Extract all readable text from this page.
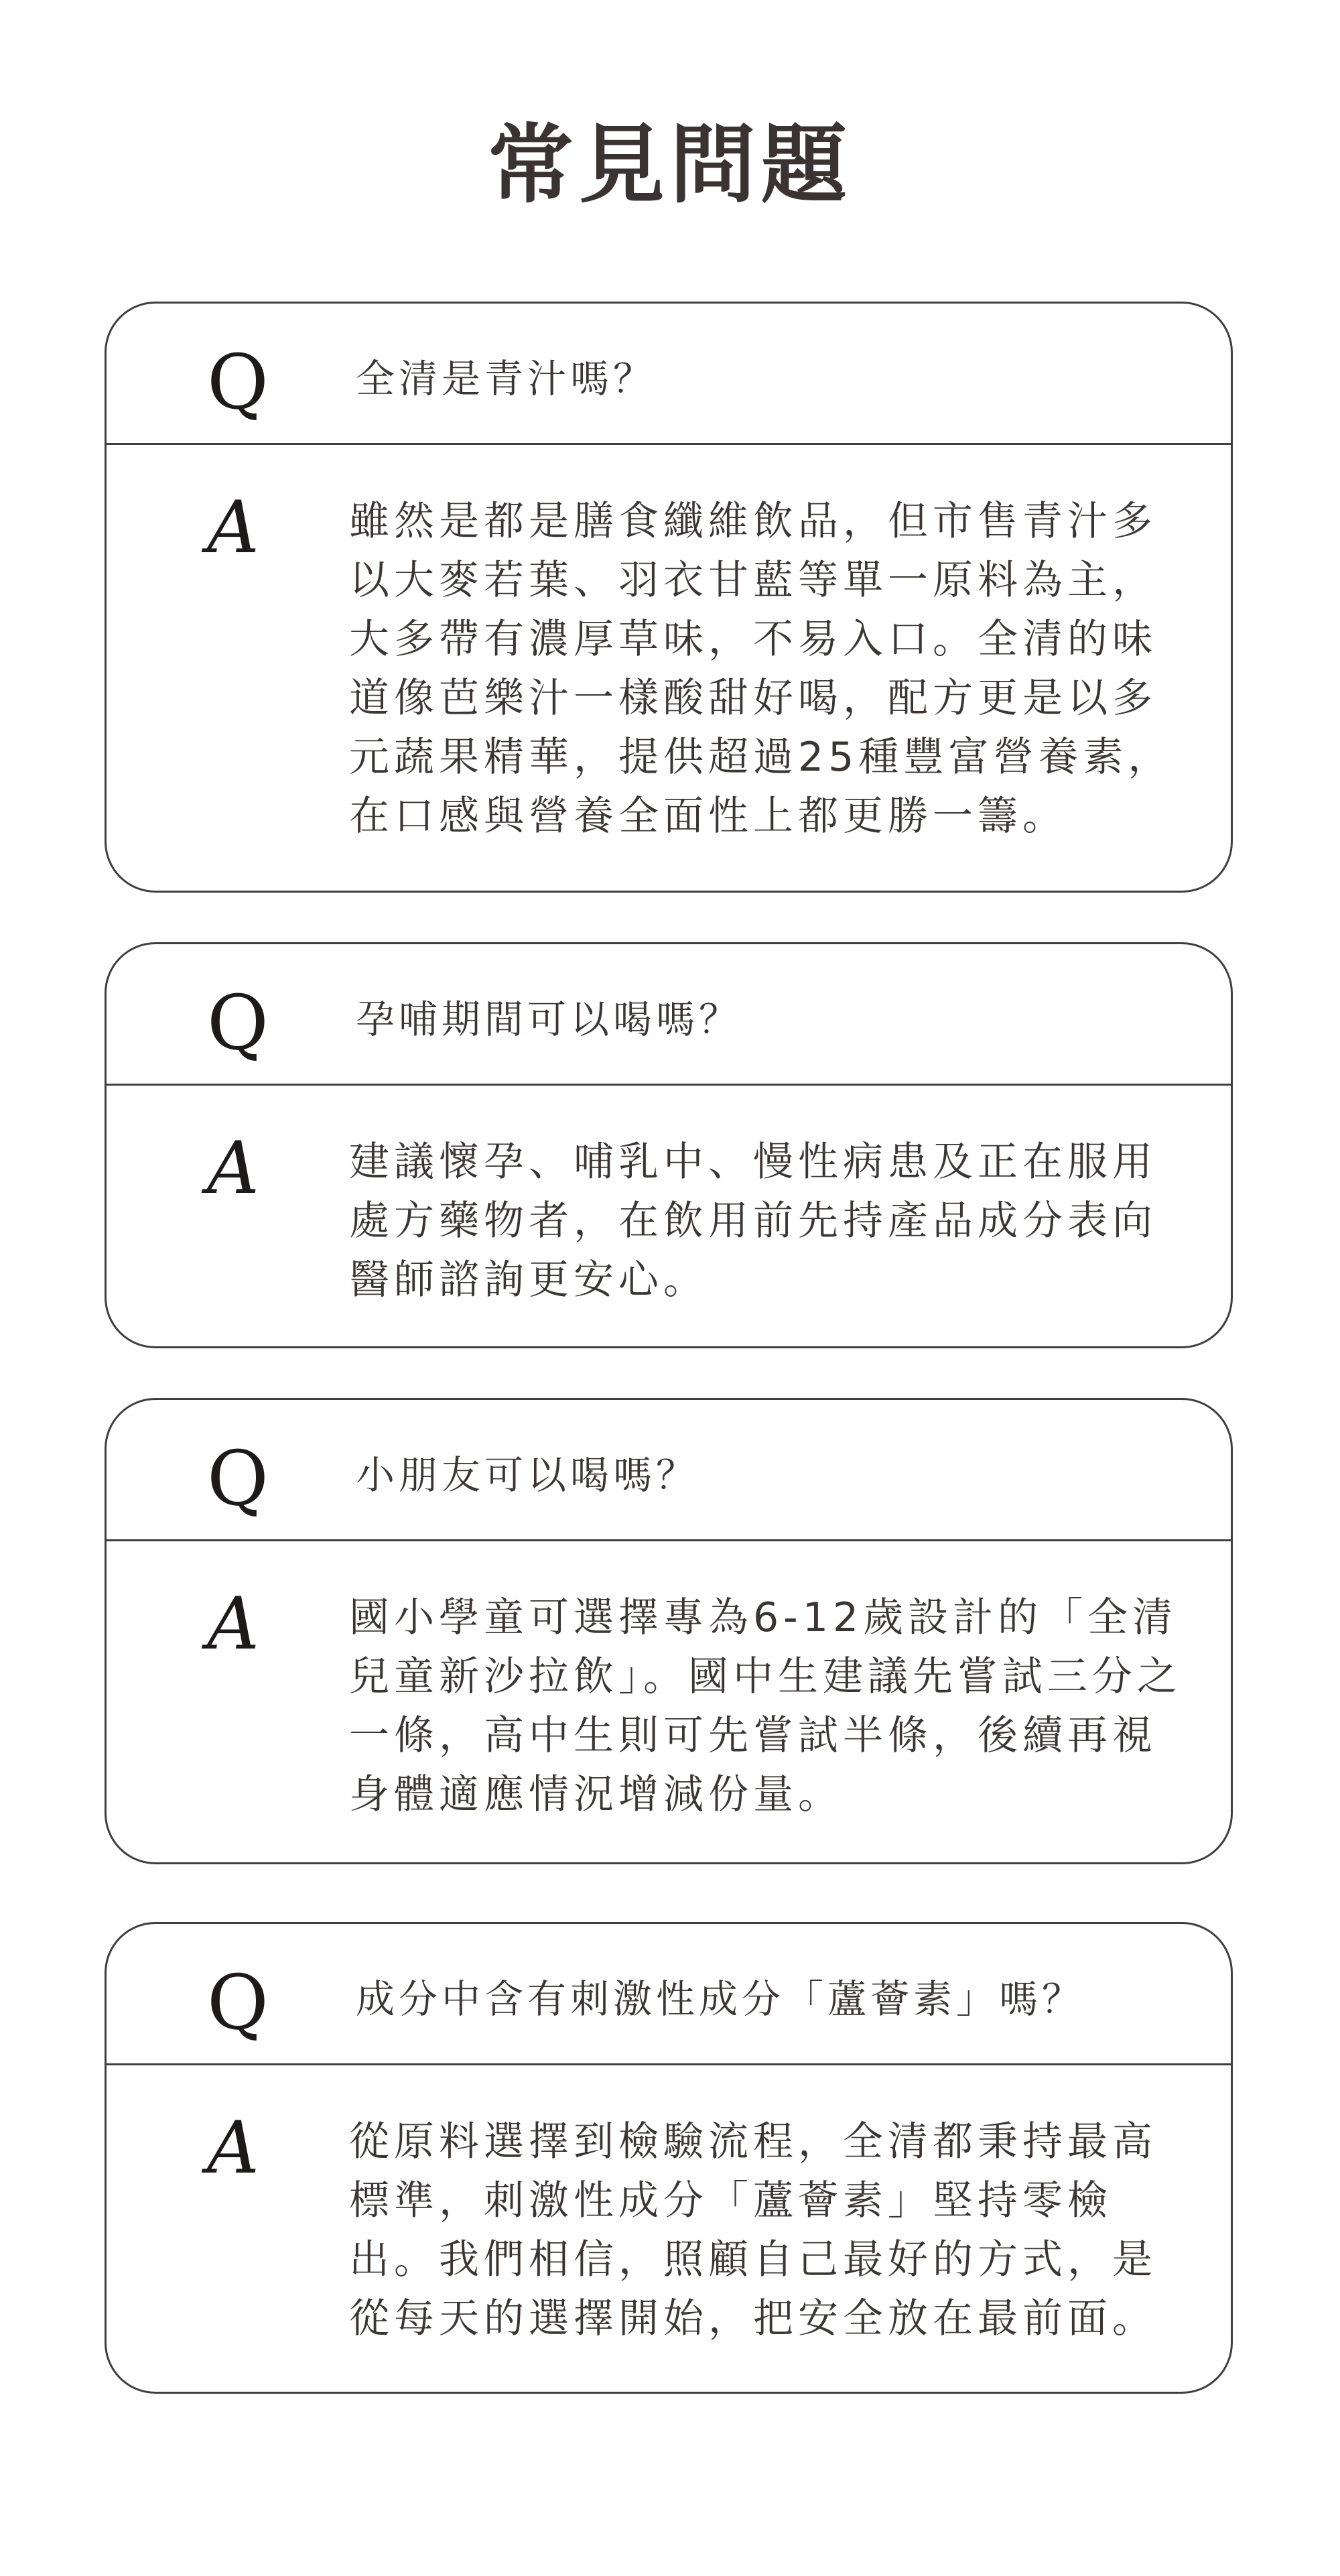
常見問題
Q 全清是青汁嗎？
A 雖然是都是膳食纖維飲品，但市售青汁多以大麥若葉、羽衣甘藍等單一原料為主，大多帶有濃厚草味，不易入口。全清的味道像芭樂汁一樣酸甜好喝，配方更是以多元蔬果精華，提供超過25種豐富營養素，在口感與營養全面性上都更勝一籌。
Q 孕哺期間可以喝嗎？
A 建議懷孕、哺乳中、慢性病患及正在服用處方藥物者，在飲用前先持產品成分表向醫師諮詢更安心。
Q 小朋友可以喝嗎？
A 國小學童可選擇專為6-12歲設計的「全清兒童新沙拉飲」。國中生建議先嘗試三分之一條，高中生則可先嘗試半條，後續再視身體適應情況增減份量。
Q 成分中含有刺激性成分「蘆薈素」嗎？
A 從原料選擇到檢驗流程，全清都秉持最高標準，刺激性成分「蘆薈素」堅持零檢出。我們相信，照顧自己最好的方式，是從每天的選擇開始，把安全放在最前面。
